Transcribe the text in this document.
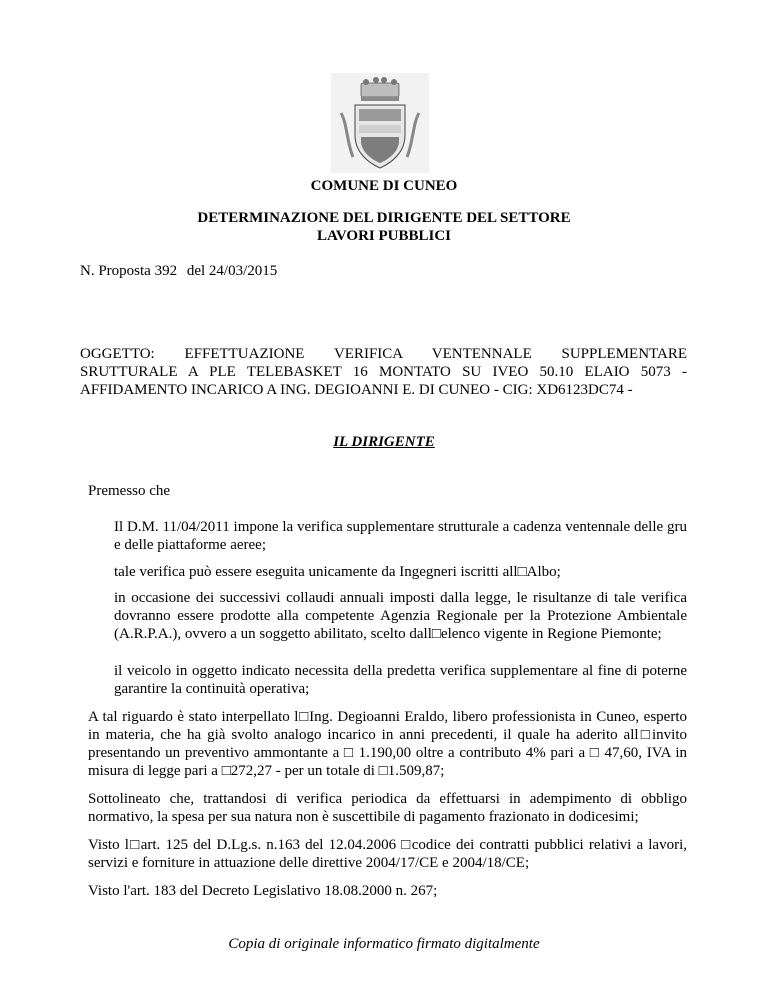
COMUNE DI CUNEO
DETERMINAZIONE DEL DIRIGENTE DEL SETTORE
LAVORI PUBBLICI
N. Proposta 392 del 24/03/2015

OGGETTO: EFFETTUAZIONE VERIFICA VENTENNALE SUPPLEMENTARE

SRUTTURALE A PLE TELEBASKET 16 MONTATO SU IVEO 50.10 ELAIO 5073 -

AFFIDAMENTO INCARICO A ING. DEGIOANNI E. DI CUNEO - CIG: XD6123DC74 -

IL DIRIGENTE
Premesso che

Il D.M. 11/04/2011 impone la verifica supplementare strutturale a cadenza ventennale delle gru e delle piattaforme aeree;

tale verifica può essere eseguita unicamente da Ingegneri iscritti all□Albo;

in occasione dei successivi collaudi annuali imposti dalla legge, le risultanze di tale verifica dovranno essere prodotte alla competente Agenzia Regionale per la Protezione Ambientale (A.R.P.A.), ovvero a un soggetto abilitato, scelto dall□elenco vigente in Regione Piemonte;

il veicolo in oggetto indicato necessita della predetta verifica supplementare al fine di poterne garantire la continuità operativa;

A tal riguardo è stato interpellato l□Ing. Degioanni Eraldo, libero professionista in Cuneo, esperto in materia, che ha già svolto analogo incarico in anni precedenti, il quale ha aderito all□invito presentando un preventivo ammontante a □ 1.190,00 oltre a contributo 4% pari a □ 47,60, IVA in misura di legge pari a □272,27 - per un totale di □1.509,87;

Sottolineato che, trattandosi di verifica periodica da effettuarsi in adempimento di obbligo normativo, la spesa per sua natura non è suscettibile di pagamento frazionato in dodicesimi;

Visto l□art. 125 del D.Lg.s. n.163 del 12.04.2006 □codice dei contratti pubblici relativi a lavori, servizi e forniture in attuazione delle direttive 2004/17/CE e 2004/18/CE;

Visto l'art. 183 del Decreto Legislativo 18.08.2000 n. 267;

Copia di originale informatico firmato digitalmente
